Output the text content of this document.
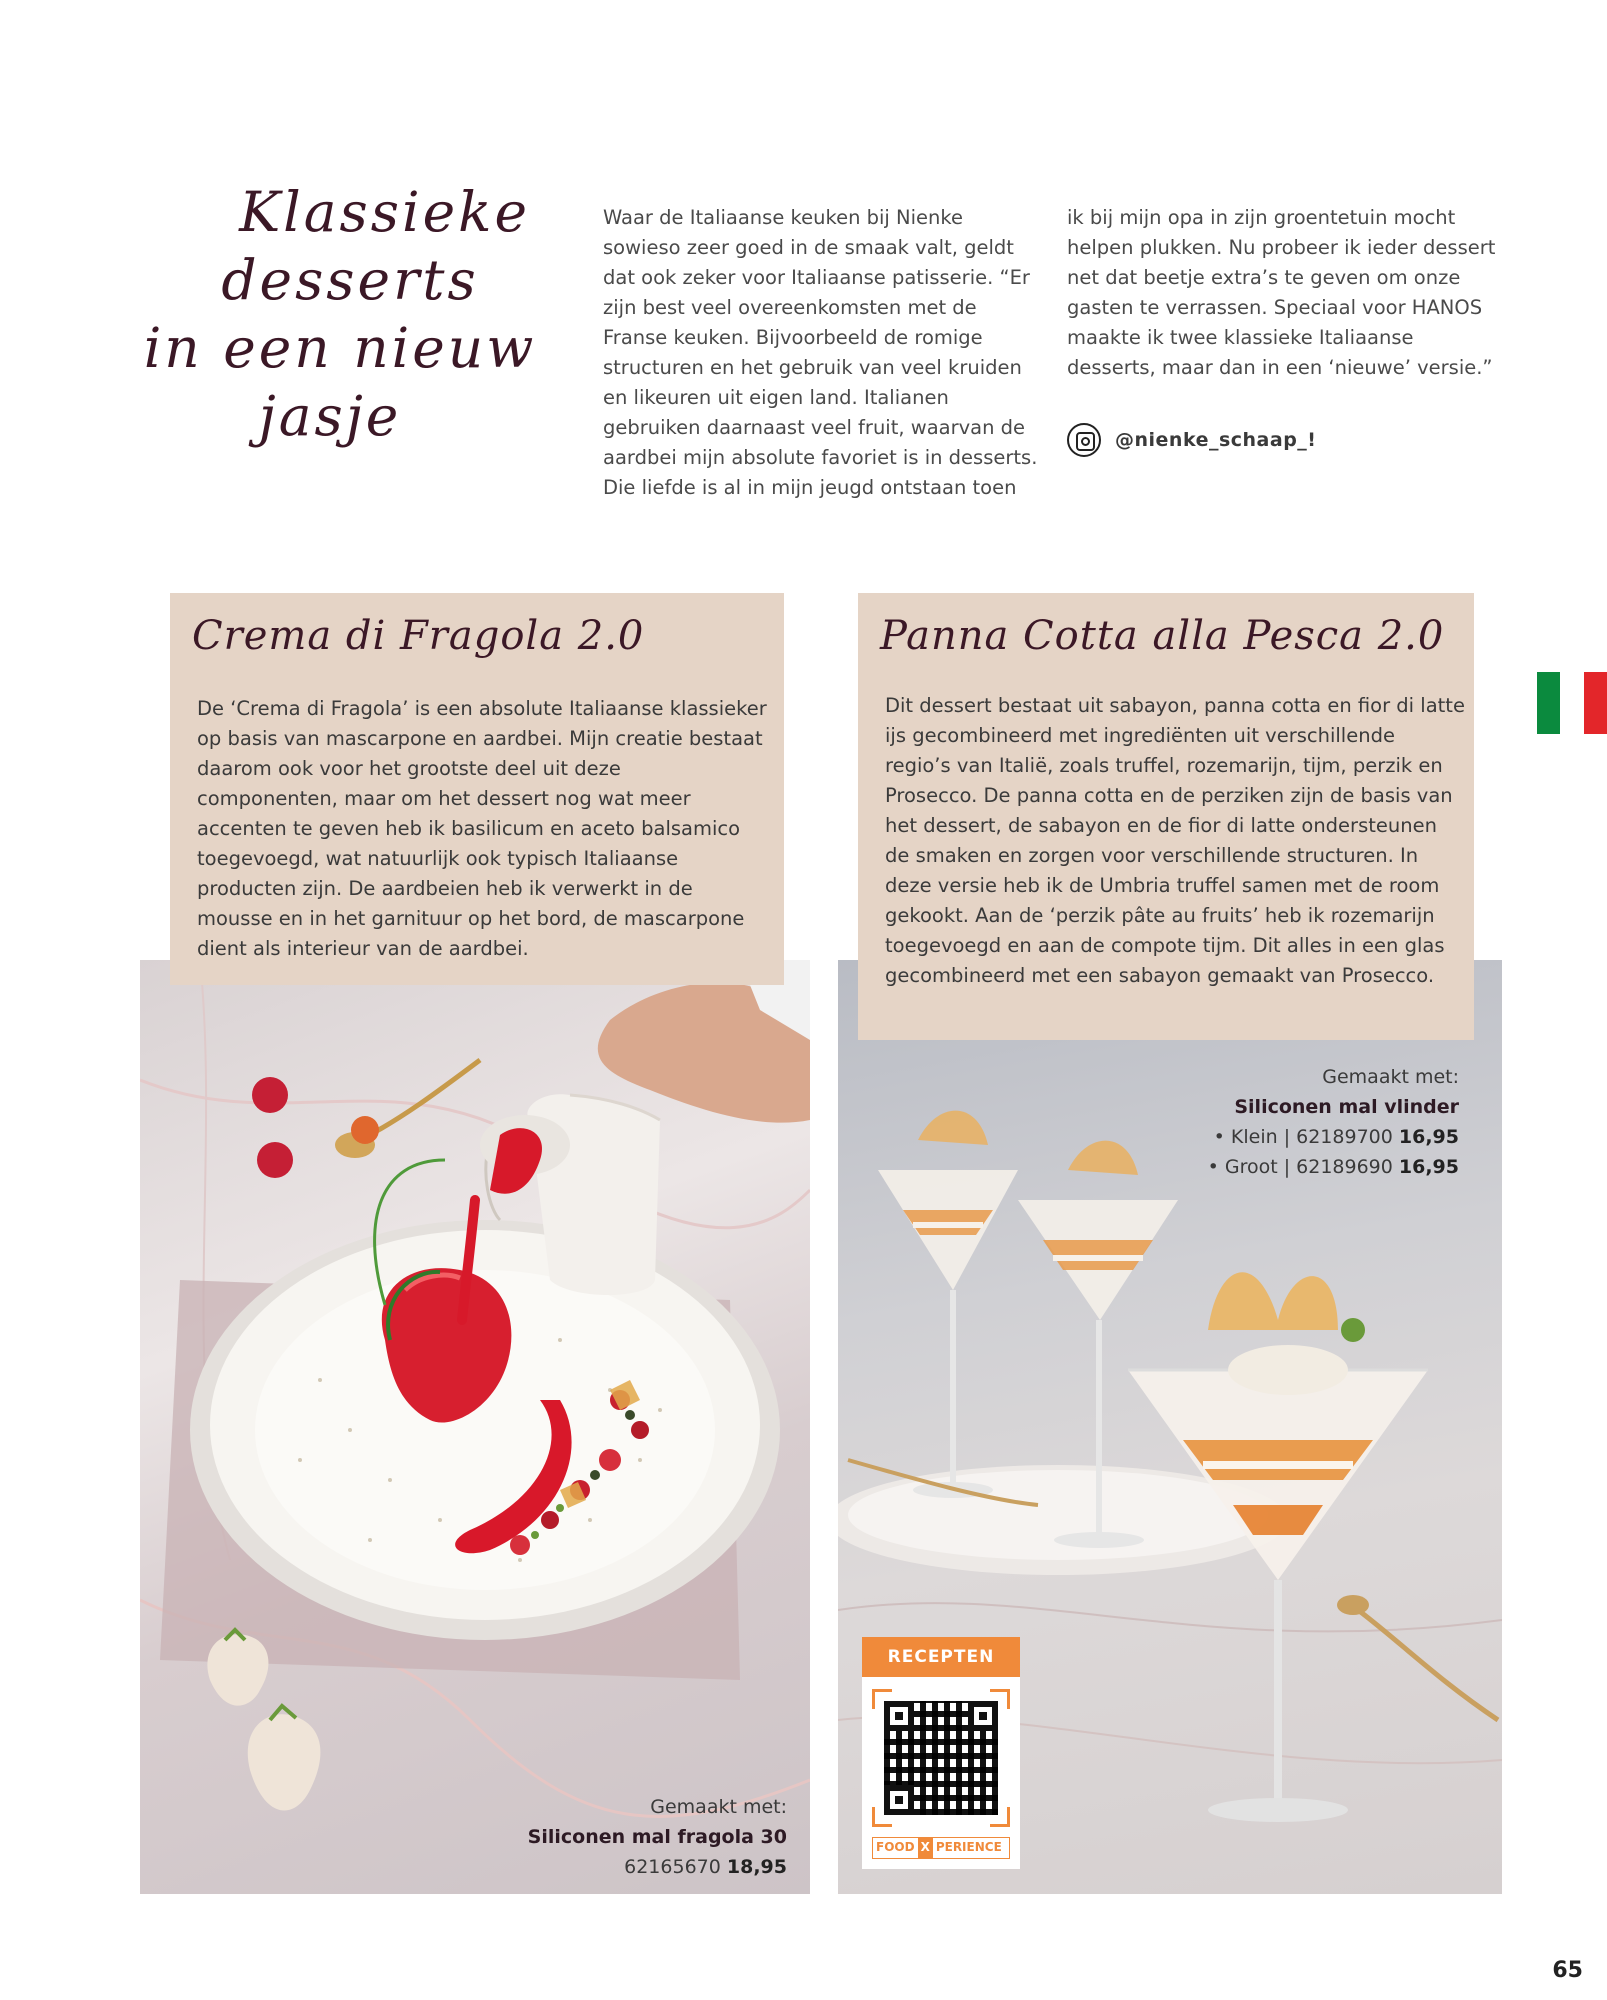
Klassieke
desserts
in een nieuw
jasje

Waar de Italiaanse keuken bij Nienke sowieso zeer goed in de smaak valt, geldt dat ook zeker voor Italiaanse patisserie. “Er zijn best veel overeenkomsten met de Franse keuken. Bijvoorbeeld de romige structuren en het gebruik van veel kruiden en likeuren uit eigen land. Italianen gebruiken daarnaast veel fruit, waarvan de aardbei mijn absolute favoriet is in desserts. Die liefde is al in mijn jeugd ontstaan toen

ik bij mijn opa in zijn groentetuin mocht helpen plukken. Nu probeer ik ieder dessert net dat beetje extra’s te geven om onze gasten te verrassen. Speciaal voor HANOS maakte ik twee klassieke Italiaanse desserts, maar dan in een ‘nieuwe’ versie.”

@nienke_schaap_!
Crema di Fragola 2.0
De ‘Crema di Fragola’ is een absolute Italiaanse klassieker op basis van mascarpone en aardbei. Mijn creatie bestaat daarom ook voor het grootste deel uit deze componenten, maar om het dessert nog wat meer accenten te geven heb ik basilicum en aceto balsamico toegevoegd, wat natuurlijk ook typisch Italiaanse producten zijn. De aardbeien heb ik verwerkt in de mousse en in het garnituur op het bord, de mascarpone dient als interieur van de aardbei.
Panna Cotta alla Pesca 2.0
Dit dessert bestaat uit sabayon, panna cotta en fior di latte ijs gecombineerd met ingrediënten uit verschillende regio’s van Italië, zoals truffel, rozemarijn, tijm, perzik en Prosecco. De panna cotta en de perziken zijn de basis van het dessert, de sabayon en de fior di latte ondersteunen de smaken en zorgen voor verschillende structuren. In deze versie heb ik de Umbria truffel samen met de room gekookt. Aan de ‘perzik pâte au fruits’ heb ik rozemarijn toegevoegd en aan de compote tijm. Dit alles in een glas gecombineerd met een sabayon gemaakt van Prosecco.
Gemaakt met:
Siliconen mal fragola 30
62165670 18,95
Gemaakt met:
Siliconen mal vlinder
• Klein | 62189700 16,95
• Groot | 62189690 16,95
RECEPTEN
FOOD X PERIENCE
65
